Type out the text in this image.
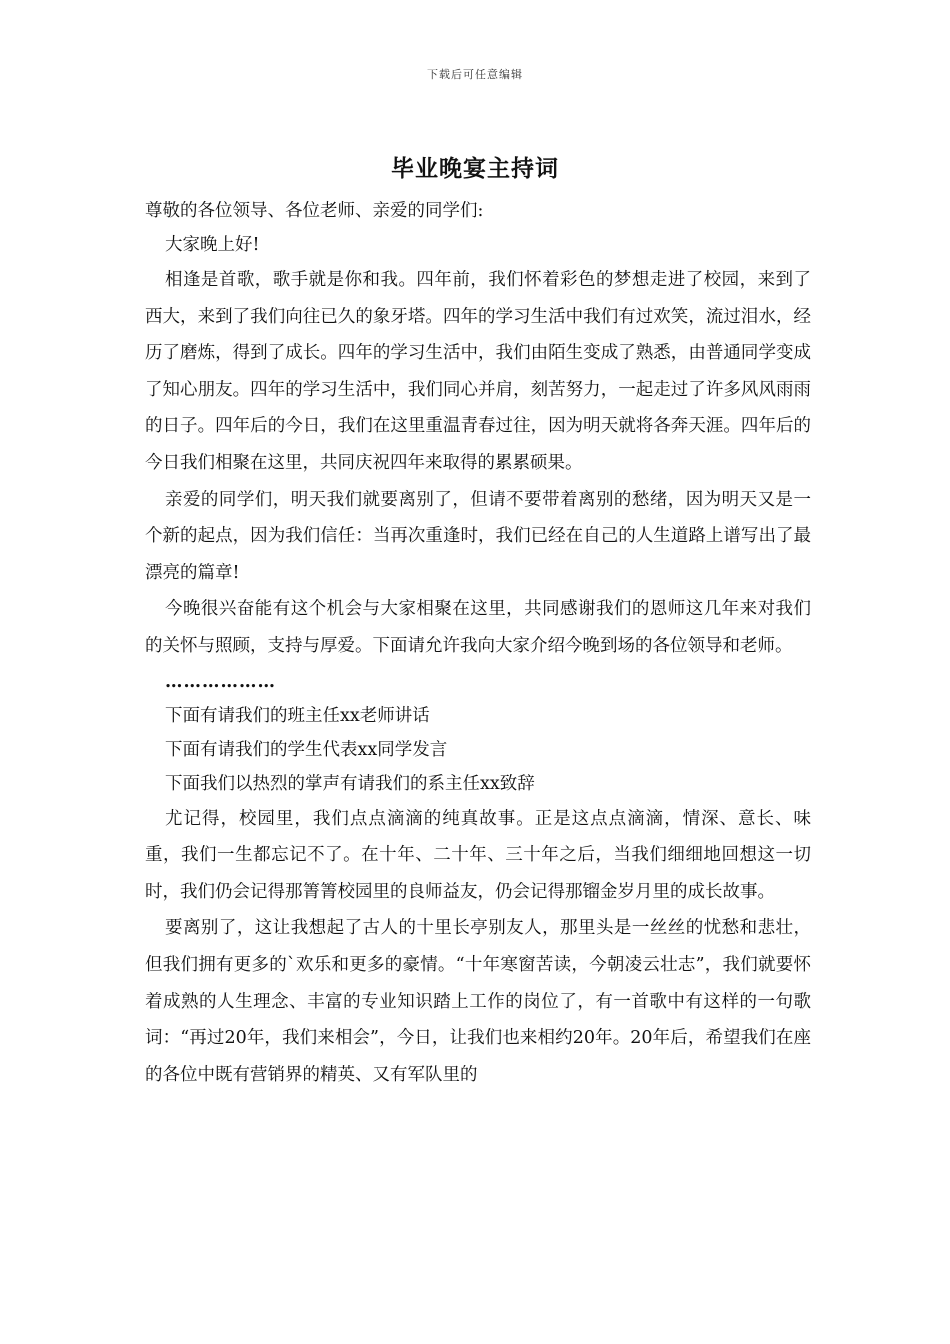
下载后可任意编辑
毕业晚宴主持词

尊敬的各位领导、各位老师、亲爱的同学们:

大家晚上好!

相逢是首歌，歌手就是你和我。四年前，我们怀着彩色的梦想走进了校园，来到了西大，来到了我们向往已久的象牙塔。四年的学习生活中我们有过欢笑，流过泪水，经历了磨炼，得到了成长。四年的学习生活中，我们由陌生变成了熟悉，由普通同学变成了知心朋友。四年的学习生活中，我们同心并肩，刻苦努力，一起走过了许多风风雨雨的日子。四年后的今日，我们在这里重温青春过往，因为明天就将各奔天涯。四年后的今日我们相聚在这里，共同庆祝四年来取得的累累硕果。

亲爱的同学们，明天我们就要离别了，但请不要带着离别的愁绪，因为明天又是一个新的起点，因为我们信任：当再次重逢时，我们已经在自己的人生道路上谱写出了最漂亮的篇章!

今晚很兴奋能有这个机会与大家相聚在这里，共同感谢我们的恩师这几年来对我们的关怀与照顾，支持与厚爱。下面请允许我向大家介绍今晚到场的各位领导和老师。

………………

下面有请我们的班主任xx老师讲话

下面有请我们的学生代表xx同学发言

下面我们以热烈的掌声有请我们的系主任xx致辞

尤记得，校园里，我们点点滴滴的纯真故事。正是这点点滴滴，情深、意长、味重，我们一生都忘记不了。在十年、二十年、三十年之后，当我们细细地回想这一切时，我们仍会记得那箐箐校园里的良师益友，仍会记得那镏金岁月里的成长故事。

要离别了，这让我想起了古人的十里长亭别友人，那里头是一丝丝的忧愁和悲壮，但我们拥有更多的`欢乐和更多的豪情。“十年寒窗苦读，今朝凌云壮志”，我们就要怀着成熟的人生理念、丰富的专业知识踏上工作的岗位了，有一首歌中有这样的一句歌词：“再过20年，我们来相会”，今日，让我们也来相约20年。20年后，希望我们在座的各位中既有营销界的精英、又有军队里的
